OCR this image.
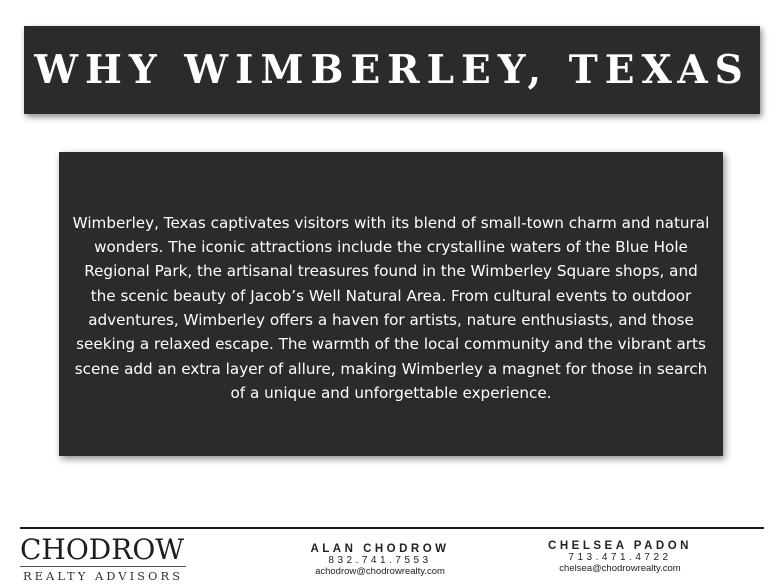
WHY WIMBERLEY, TEXAS

Wimberley, Texas captivates visitors with its blend of small-town charm and natural wonders. The iconic attractions include the crystalline waters of the Blue Hole Regional Park, the artisanal treasures found in the Wimberley Square shops, and the scenic beauty of Jacob’s Well Natural Area. From cultural events to outdoor adventures, Wimberley offers a haven for artists, nature enthusiasts, and those seeking a relaxed escape. The warmth of the local community and the vibrant arts scene add an extra layer of allure, making Wimberley a magnet for those in search of a unique and unforgettable experience.

CHODROW
REALTY ADVISORS
ALAN CHODROW
832.741.7553
achodrow@chodrowrealty.com
CHELSEA PADON
713.471.4722
chelsea@chodrowrealty.com
